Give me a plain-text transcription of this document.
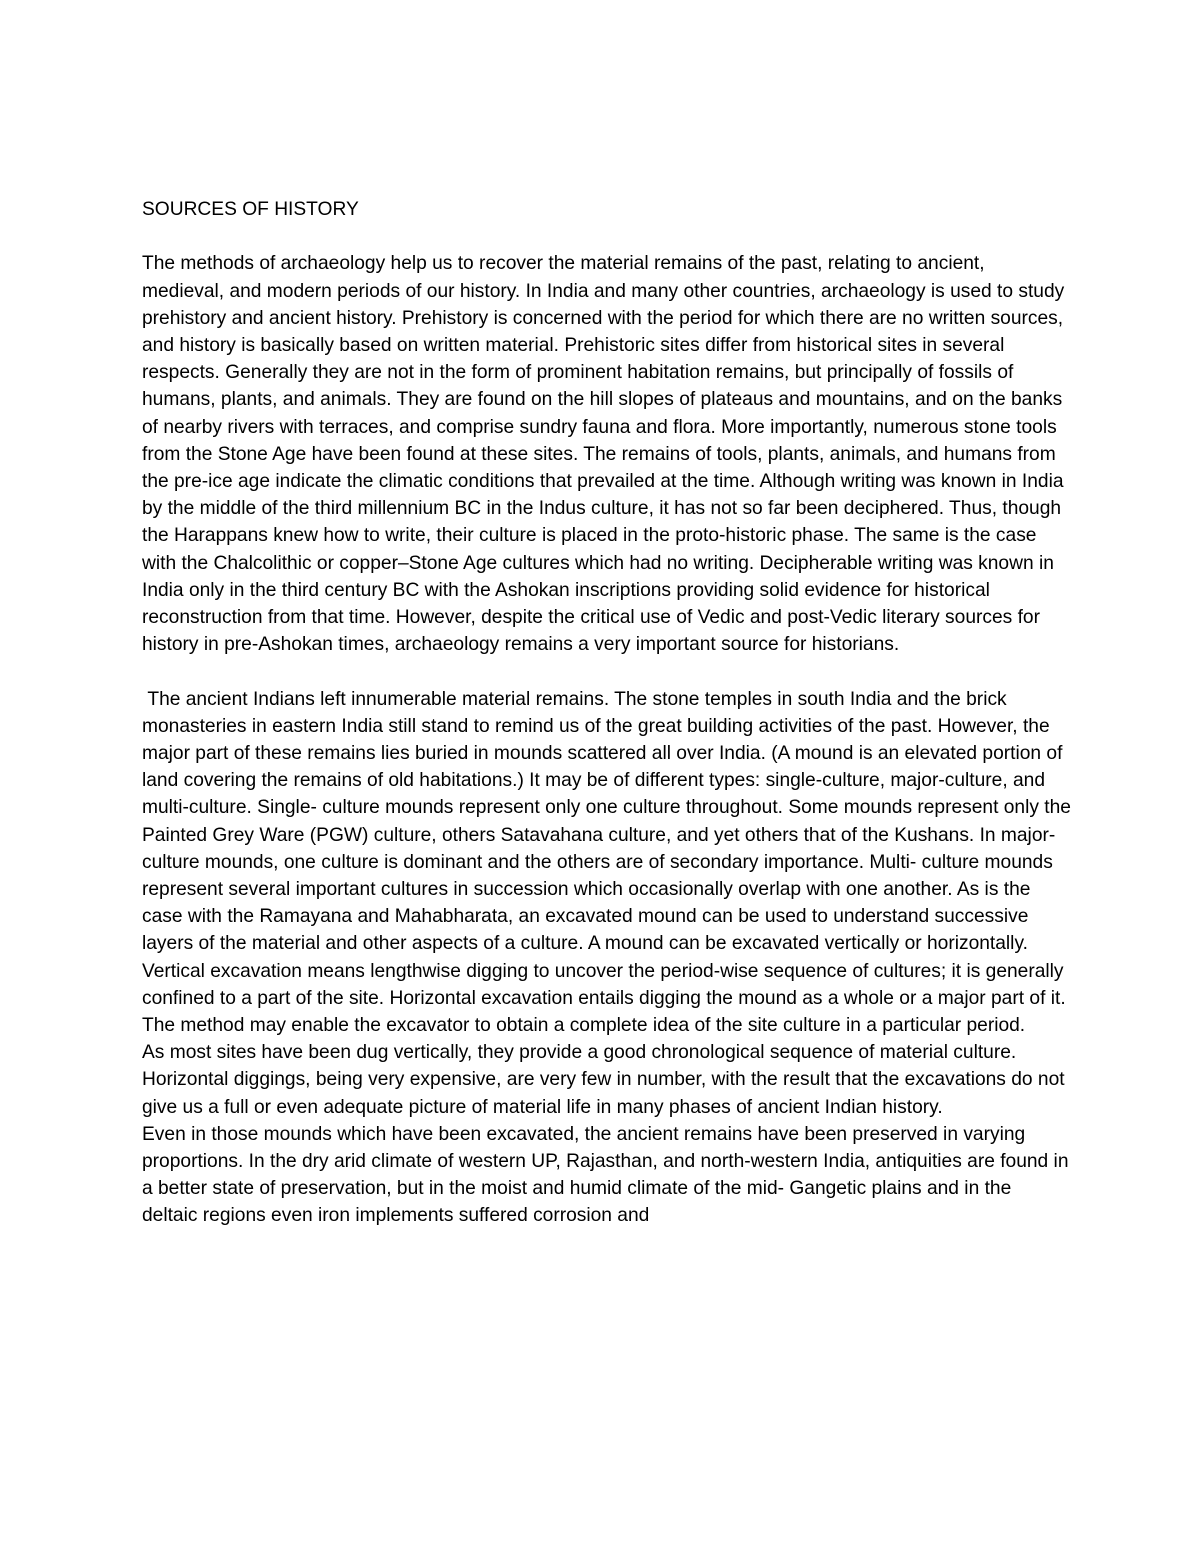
SOURCES OF HISTORY

The methods of archaeology help us to recover the material remains of the past, relating to ancient, medieval, and modern periods of our history. In India and many other countries, archaeology is used to study prehistory and ancient history. Prehistory is concerned with the period for which there are no written sources, and history is basically based on written material. Prehistoric sites differ from historical sites in several respects. Generally they are not in the form of prominent habitation remains, but principally of fossils of humans, plants, and animals. They are found on the hill slopes of plateaus and mountains, and on the banks of nearby rivers with terraces, and comprise sundry fauna and flora. More importantly, numerous stone tools from the Stone Age have been found at these sites. The remains of tools, plants, animals, and humans from the pre-ice age indicate the climatic conditions that prevailed at the time. Although writing was known in India by the middle of the third millennium BC in the Indus culture, it has not so far been deciphered. Thus, though the Harappans knew how to write, their culture is placed in the proto-historic phase. The same is the case with the Chalcolithic or copper–Stone Age cultures which had no writing. Decipherable writing was known in India only in the third century BC with the Ashokan inscriptions providing solid evidence for historical reconstruction from that time. However, despite the critical use of Vedic and post-Vedic literary sources for history in pre-Ashokan times, archaeology remains a very important source for historians.

The ancient Indians left innumerable material remains. The stone temples in south India and the brick monasteries in eastern India still stand to remind us of the great building activities of the past. However, the major part of these remains lies buried in mounds scattered all over India. (A mound is an elevated portion of land covering the remains of old habitations.) It may be of different types: single-culture, major-culture, and multi-culture. Single- culture mounds represent only one culture throughout. Some mounds represent only the Painted Grey Ware (PGW) culture, others Satavahana culture, and yet others that of the Kushans. In major-culture mounds, one culture is dominant and the others are of secondary importance. Multi- culture mounds represent several important cultures in succession which occasionally overlap with one another. As is the case with the Ramayana and Mahabharata, an excavated mound can be used to understand successive layers of the material and other aspects of a culture. A mound can be excavated vertically or horizontally. Vertical excavation means lengthwise digging to uncover the period-wise sequence of cultures; it is generally confined to a part of the site. Horizontal excavation entails digging the mound as a whole or a major part of it. The method may enable the excavator to obtain a complete idea of the site culture in a particular period.

As most sites have been dug vertically, they provide a good chronological sequence of material culture. Horizontal diggings, being very expensive, are very few in number, with the result that the excavations do not give us a full or even adequate picture of material life in many phases of ancient Indian history.

Even in those mounds which have been excavated, the ancient remains have been preserved in varying proportions. In the dry arid climate of western UP, Rajasthan, and north-western India, antiquities are found in a better state of preservation, but in the moist and humid climate of the mid- Gangetic plains and in the deltaic regions even iron implements suffered corrosion and
